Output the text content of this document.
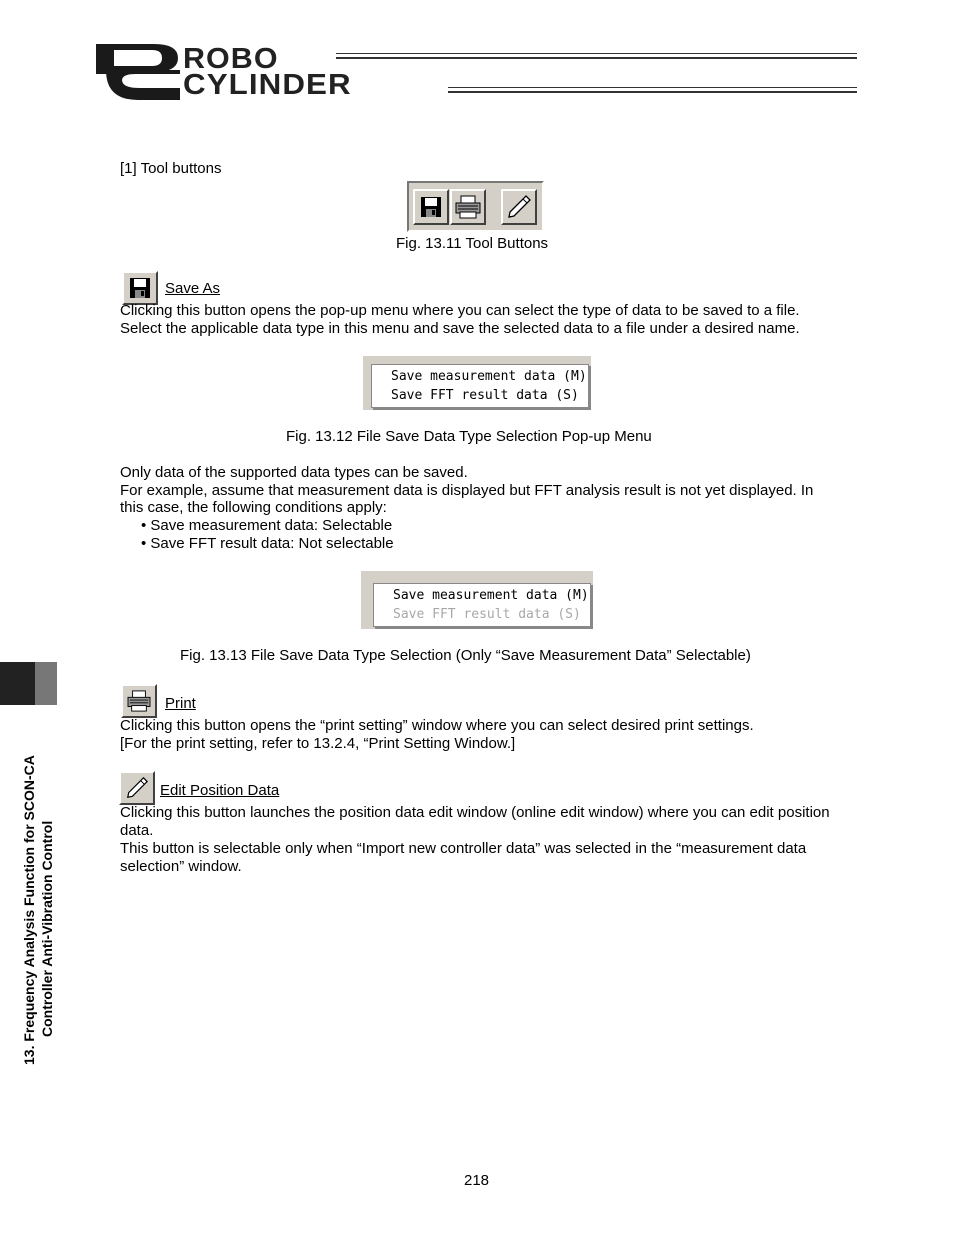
ROBO
CYLINDER
[1] Tool buttons
Fig. 13.11 Tool Buttons
Save As
Clicking this button opens the pop-up menu where you can select the type of data to be saved to a file.
Select the applicable data type in this menu and save the selected data to a file under a desired name.
Save measurement data (M)
Save FFT result data (S)
Fig. 13.12 File Save Data Type Selection Pop-up Menu
Only data of the supported data types can be saved.
For example, assume that measurement data is displayed but FFT analysis result is not yet displayed. In
this case, the following conditions apply:
• Save measurement data: Selectable
• Save FFT result data: Not selectable
Save measurement data (M)
Save FFT result data (S)
Fig. 13.13 File Save Data Type Selection (Only “Save Measurement Data” Selectable)
Print
Clicking this button opens the “print setting” window where you can select desired print settings.
[For the print setting, refer to 13.2.4, “Print Setting Window.]
Edit Position Data
Clicking this button launches the position data edit window (online edit window) where you can edit position
data.
This button is selectable only when “Import new controller data” was selected in the “measurement data
selection” window.
13. Frequency Analysis Function for SCON-CA Controller Anti-Vibration Control
218
